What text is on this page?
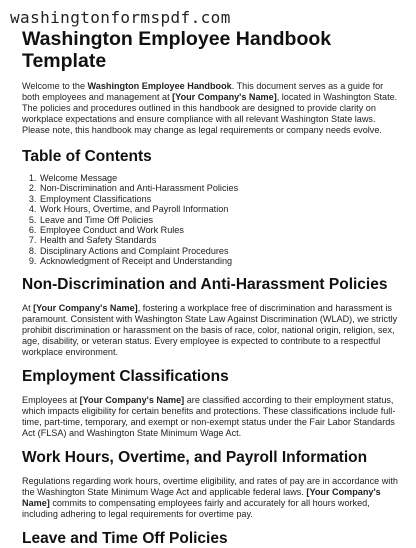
washingtonformspdf.com
Washington Employee Handbook Template

Welcome to the Washington Employee Handbook. This document serves as a guide for both employees and management at [Your Company's Name], located in Washington State. The policies and procedures outlined in this handbook are designed to provide clarity on workplace expectations and ensure compliance with all relevant Washington State laws. Please note, this handbook may change as legal requirements or company needs evolve.

Table of Contents
1. Welcome Message
2. Non-Discrimination and Anti-Harassment Policies
3. Employment Classifications
4. Work Hours, Overtime, and Payroll Information
5. Leave and Time Off Policies
6. Employee Conduct and Work Rules
7. Health and Safety Standards
8. Disciplinary Actions and Complaint Procedures
9. Acknowledgment of Receipt and Understanding
Non-Discrimination and Anti-Harassment Policies

At [Your Company's Name], fostering a workplace free of discrimination and harassment is paramount. Consistent with Washington State Law Against Discrimination (WLAD), we strictly prohibit discrimination or harassment on the basis of race, color, national origin, religion, sex, age, disability, or veteran status. Every employee is expected to contribute to a respectful workplace environment.

Employment Classifications

Employees at [Your Company's Name] are classified according to their employment status, which impacts eligibility for certain benefits and protections. These classifications include full-time, part-time, temporary, and exempt or non-exempt status under the Fair Labor Standards Act (FLSA) and Washington State Minimum Wage Act.

Work Hours, Overtime, and Payroll Information

Regulations regarding work hours, overtime eligibility, and rates of pay are in accordance with the Washington State Minimum Wage Act and applicable federal laws. [Your Company's Name] commits to compensating employees fairly and accurately for all hours worked, including adhering to legal requirements for overtime pay.

Leave and Time Off Policies
